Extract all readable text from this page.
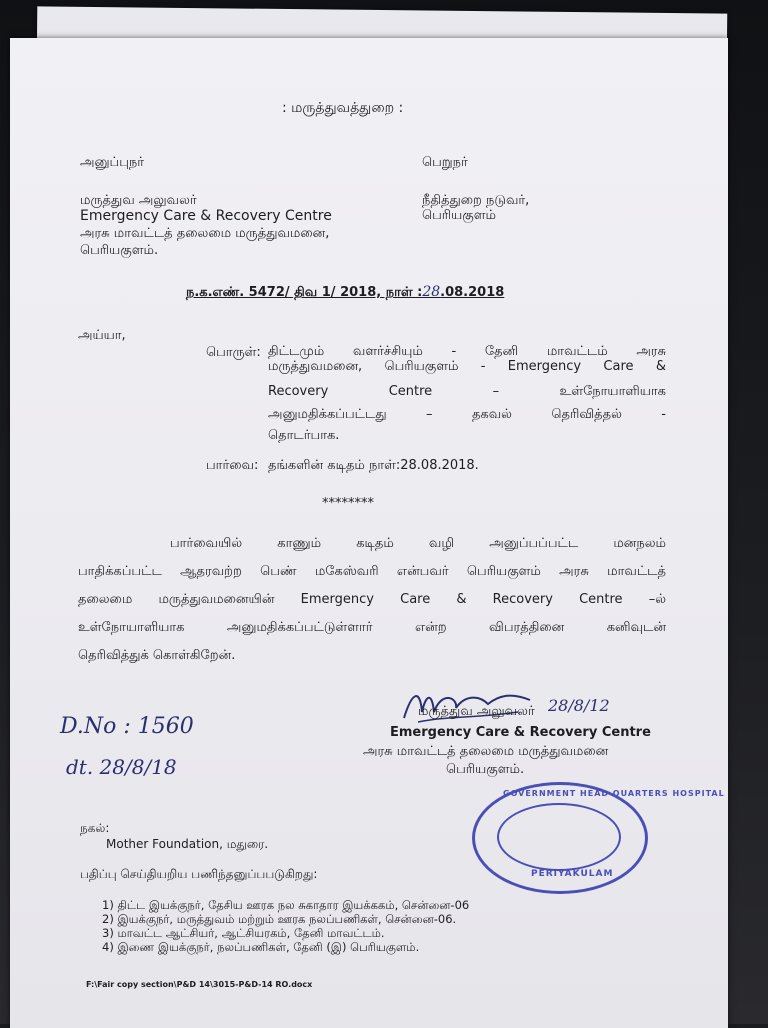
: மருத்துவத்துறை :
அனுப்புநர்
மருத்துவ அலுவலர்
Emergency Care & Recovery Centre
அரசு மாவட்டத் தலைமை மருத்துவமனை,
பெரியகுளம்.
பெறுநர்
நீதித்துறை நடுவர்,
பெரியகுளம்
ந.க.எண். 5472/ திவ 1/ 2018, நாள் :28.08.2018
அய்யா,
பொருள்: திட்டமும் வளர்ச்சியும் - தேனி மாவட்டம் அரசு
மருத்துவமனை, பெரியகுளம் - Emergency Care &
Recovery Centre – உள்நோயாளியாக
அனுமதிக்கப்பட்டது – தகவல் தெரிவித்தல் -
தொடர்பாக.
பார்வை: தங்களின் கடிதம் நாள்:28.08.2018.
********
பார்வையில் காணும் கடிதம் வழி அனுப்பப்பட்ட மனநலம்
பாதிக்கப்பட்ட ஆதரவற்ற பெண் மகேஸ்வரி என்பவர் பெரியகுளம் அரசு மாவட்டத்
தலைமை மருத்துவமனையின் Emergency Care & Recovery Centre –ல்
உள்நோயாளியாக அனுமதிக்கப்பட்டுள்ளார் என்ற விபரத்தினை கனிவுடன்
தெரிவித்துக் கொள்கிறேன்.
மருத்துவ அலுவலர் 28/8/12
Emergency Care & Recovery Centre
அரசு மாவட்டத் தலைமை மருத்துவமனை
பெரியகுளம்.
D.No : 1560
dt. 28/8/18
நகல்:
Mother Foundation, மதுரை.
பதிப்பு செய்தியறிய பணிந்தனுப்பபடுகிறது:
1) திட்ட இயக்குநர், தேசிய ஊரக நல சுகாதார இயக்ககம், சென்னை-06
2) இயக்குநர், மருத்துவம் மற்றும் ஊரக நலப்பணிகள், சென்னை-06.
3) மாவட்ட ஆட்சியர், ஆட்சியரகம், தேனி மாவட்டம்.
4) இணை இயக்குநர், நலப்பணிகள், தேனி (இ) பெரியகுளம்.
GOVERNMENT HEAD QUARTERS HOSPITAL
PERIYAKULAM
F:\Fair copy section\P&D 14\3015-P&D-14 RO.docx
